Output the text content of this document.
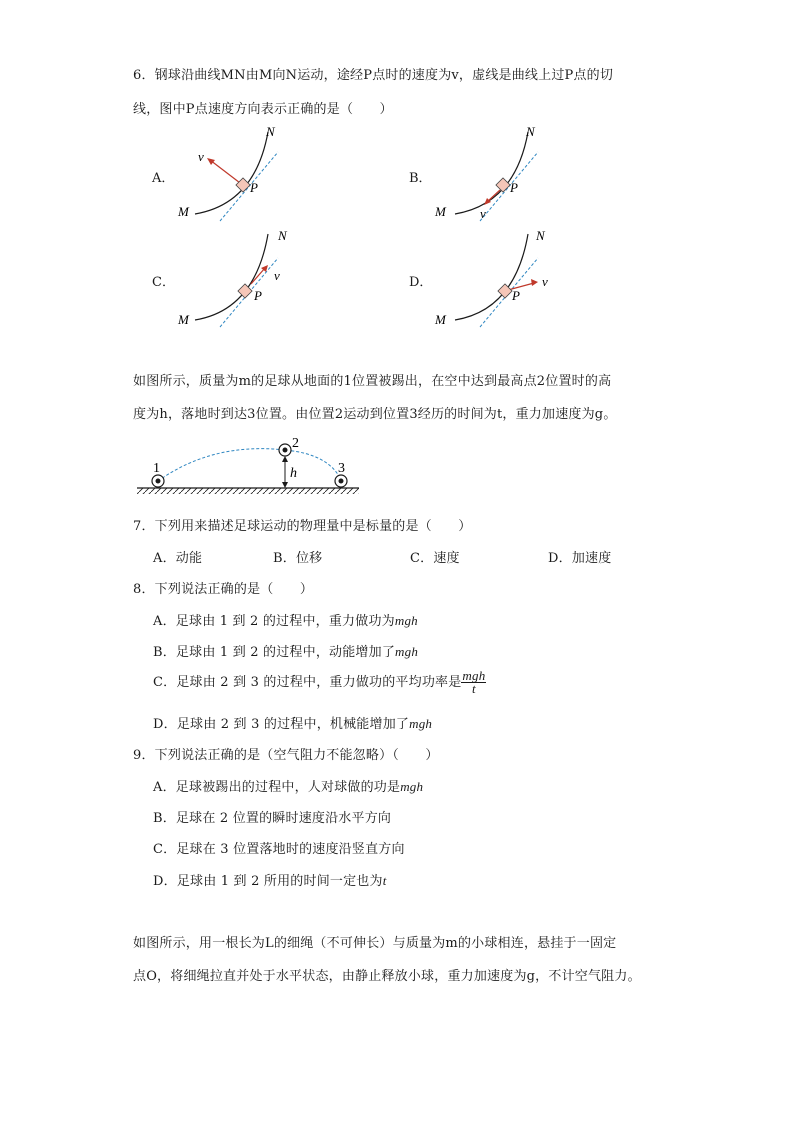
6．钢球沿曲线MN由M向N运动，途经P点时的速度为v，虚线是曲线上过P点的切
线，图中P点速度方向表示正确的是（　　）
A．	B．
C．	D．
N
M
P
v
N
M
P
v
N
M
P
v
N
M
P
v
如图所示，质量为m的足球从地面的1位置被踢出，在空中达到最高点2位置时的高
度为h，落地时到达3位置。由位置2运动到位置3经历的时间为t，重力加速度为g。
1
2
3
h
7．下列用来描述足球运动的物理量中是标量的是（　　）
A．动能	B．位移	C．速度	D．加速度
8．下列说法正确的是（　　）
A．足球由 1 到 2 的过程中，重力做功为mgh
B．足球由 1 到 2 的过程中，动能增加了mgh
C．足球由 2 到 3 的过程中，重力做功的平均功率是 $\frac{\text{mgh}}{t}$
D．足球由 2 到 3 的过程中，机械能增加了mgh
9．下列说法正确的是（空气阻力不能忽略）（　　）
A．足球被踢出的过程中，人对球做的功是mgh
B．足球在 2 位置的瞬时速度沿水平方向
C．足球在 3 位置落地时的速度沿竖直方向
D．足球由 1 到 2 所用的时间一定也为t
如图所示，用一根长为L的细绳（不可伸长）与质量为m的小球相连，悬挂于一固定
点O，将细绳拉直并处于水平状态，由静止释放小球，重力加速度为g，不计空气阻力。
